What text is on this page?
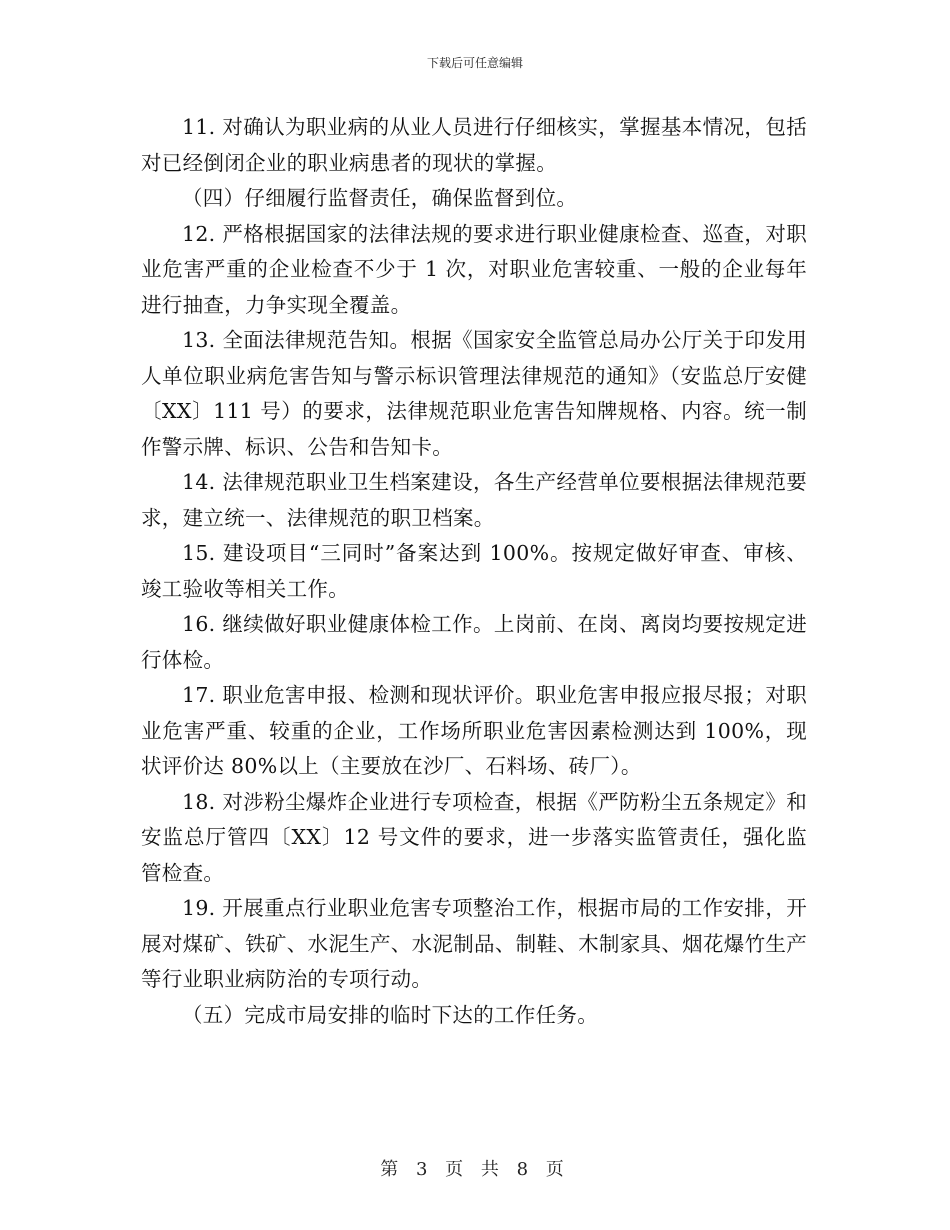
下载后可任意编辑

11. 对确认为职业病的从业人员进行仔细核实，掌握基本情况，包括对已经倒闭企业的职业病患者的现状的掌握。

（四）仔细履行监督责任，确保监督到位。

12. 严格根据国家的法律法规的要求进行职业健康检查、巡查，对职业危害严重的企业检查不少于 1 次，对职业危害较重、一般的企业每年进行抽查，力争实现全覆盖。

13. 全面法律规范告知。根据《国家安全监管总局办公厅关于印发用人单位职业病危害告知与警示标识管理法律规范的通知》（安监总厅安健〔XX〕111 号）的要求，法律规范职业危害告知牌规格、内容。统一制作警示牌、标识、公告和告知卡。

14. 法律规范职业卫生档案建设，各生产经营单位要根据法律规范要求，建立统一、法律规范的职卫档案。

15. 建设项目“三同时”备案达到 100%。按规定做好审查、审核、竣工验收等相关工作。

16. 继续做好职业健康体检工作。上岗前、在岗、离岗均要按规定进行体检。

17. 职业危害申报、检测和现状评价。职业危害申报应报尽报；对职业危害严重、较重的企业，工作场所职业危害因素检测达到 100%，现状评价达 80%以上（主要放在沙厂、石料场、砖厂）。

18. 对涉粉尘爆炸企业进行专项检查，根据《严防粉尘五条规定》和安监总厅管四〔XX〕12 号文件的要求，进一步落实监管责任，强化监管检查。

19. 开展重点行业职业危害专项整治工作，根据市局的工作安排，开展对煤矿、铁矿、水泥生产、水泥制品、制鞋、木制家具、烟花爆竹生产等行业职业病防治的专项行动。

（五）完成市局安排的临时下达的工作任务。

第 3 页 共 8 页
